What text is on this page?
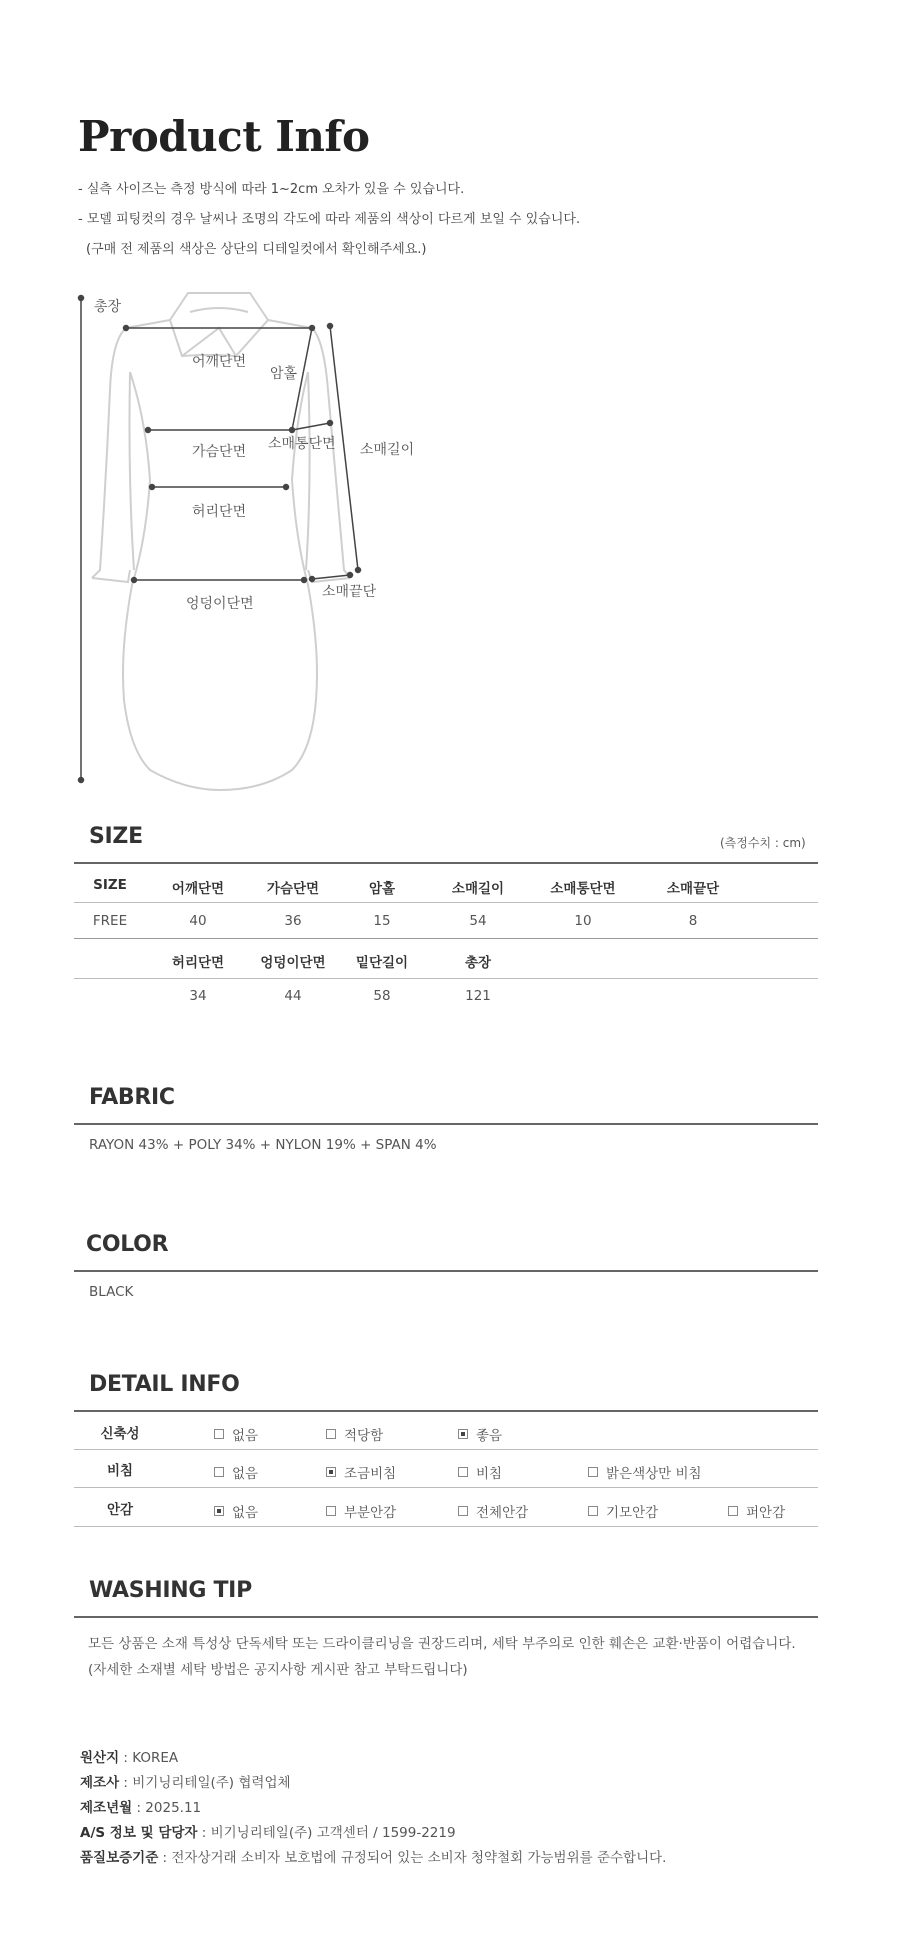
Product Info
- 실측 사이즈는 측정 방식에 따라 1~2cm 오차가 있을 수 있습니다.
- 모델 피팅컷의 경우 날씨나 조명의 각도에 따라 제품의 색상이 다르게 보일 수 있습니다.
(구매 전 제품의 색상은 상단의 디테일컷에서 확인해주세요.)
총장
어깨단면
암홀
가슴단면 소매통단면 소매길이
허리단면
소매끝단
엉덩이단면
SIZE	(측정수치 : cm)
SIZE	어깨단면	가슴단면	암홀	소매길이	소매통단면	소매끝단
FREE	40	36	15	54	10	8
허리단면	엉덩이단면	밑단길이	총장
34	44	58	121
FABRIC
RAYON 43% + POLY 34% + NYLON 19% + SPAN 4%
COLOR
BLACK
DETAIL INFO
신축성	없음	적당함	좋음
비침	없음	조금비침	비침	밝은색상만 비침
안감	없음	부분안감	전체안감	기모안감	퍼안감
WASHING TIP
모든 상품은 소재 특성상 단독세탁 또는 드라이클리닝을 권장드리며, 세탁 부주의로 인한 훼손은 교환·반품이 어렵습니다.
(자세한 소재별 세탁 방법은 공지사항 게시판 참고 부탁드립니다)
원산지 : KOREA
제조사 : 비기닝리테일(주) 협력업체
제조년월 : 2025.11
A/S 정보 및 담당자 : 비기닝리테일(주) 고객센터 / 1599-2219
품질보증기준 : 전자상거래 소비자 보호법에 규정되어 있는 소비자 청약철회 가능범위를 준수합니다.
